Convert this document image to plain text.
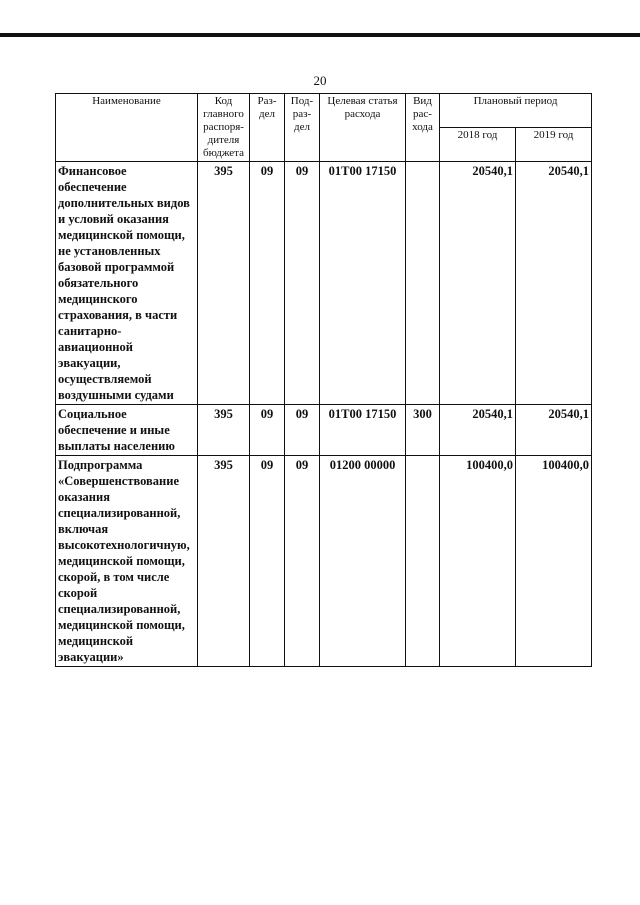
20
Наименование	Код главного распоря- дителя бюджета	Раз- дел	Под- раз- дел	Целевая статья расхода	Вид рас- хода	Плановый период	
						2018 год	2019 год
Финансовое обеспечение дополнительных видов и условий оказания медицинской помощи, не установленных базовой программой обязательного медицинского страхования, в части санитарно-авиационной эвакуации, осуществляемой воздушными судами	395	09	09	01Т00 17150		20540,1	20540,1
Социальное обеспечение и иные выплаты населению	395	09	09	01Т00 17150	300	20540,1	20540,1
Подпрограмма «Совершенствование оказания специализированной, включая высокотехнологичную, медицинской помощи, скорой, в том числе скорой специализированной, медицинской помощи, медицинской эвакуации»	395	09	09	01200 00000		100400,0	100400,0
